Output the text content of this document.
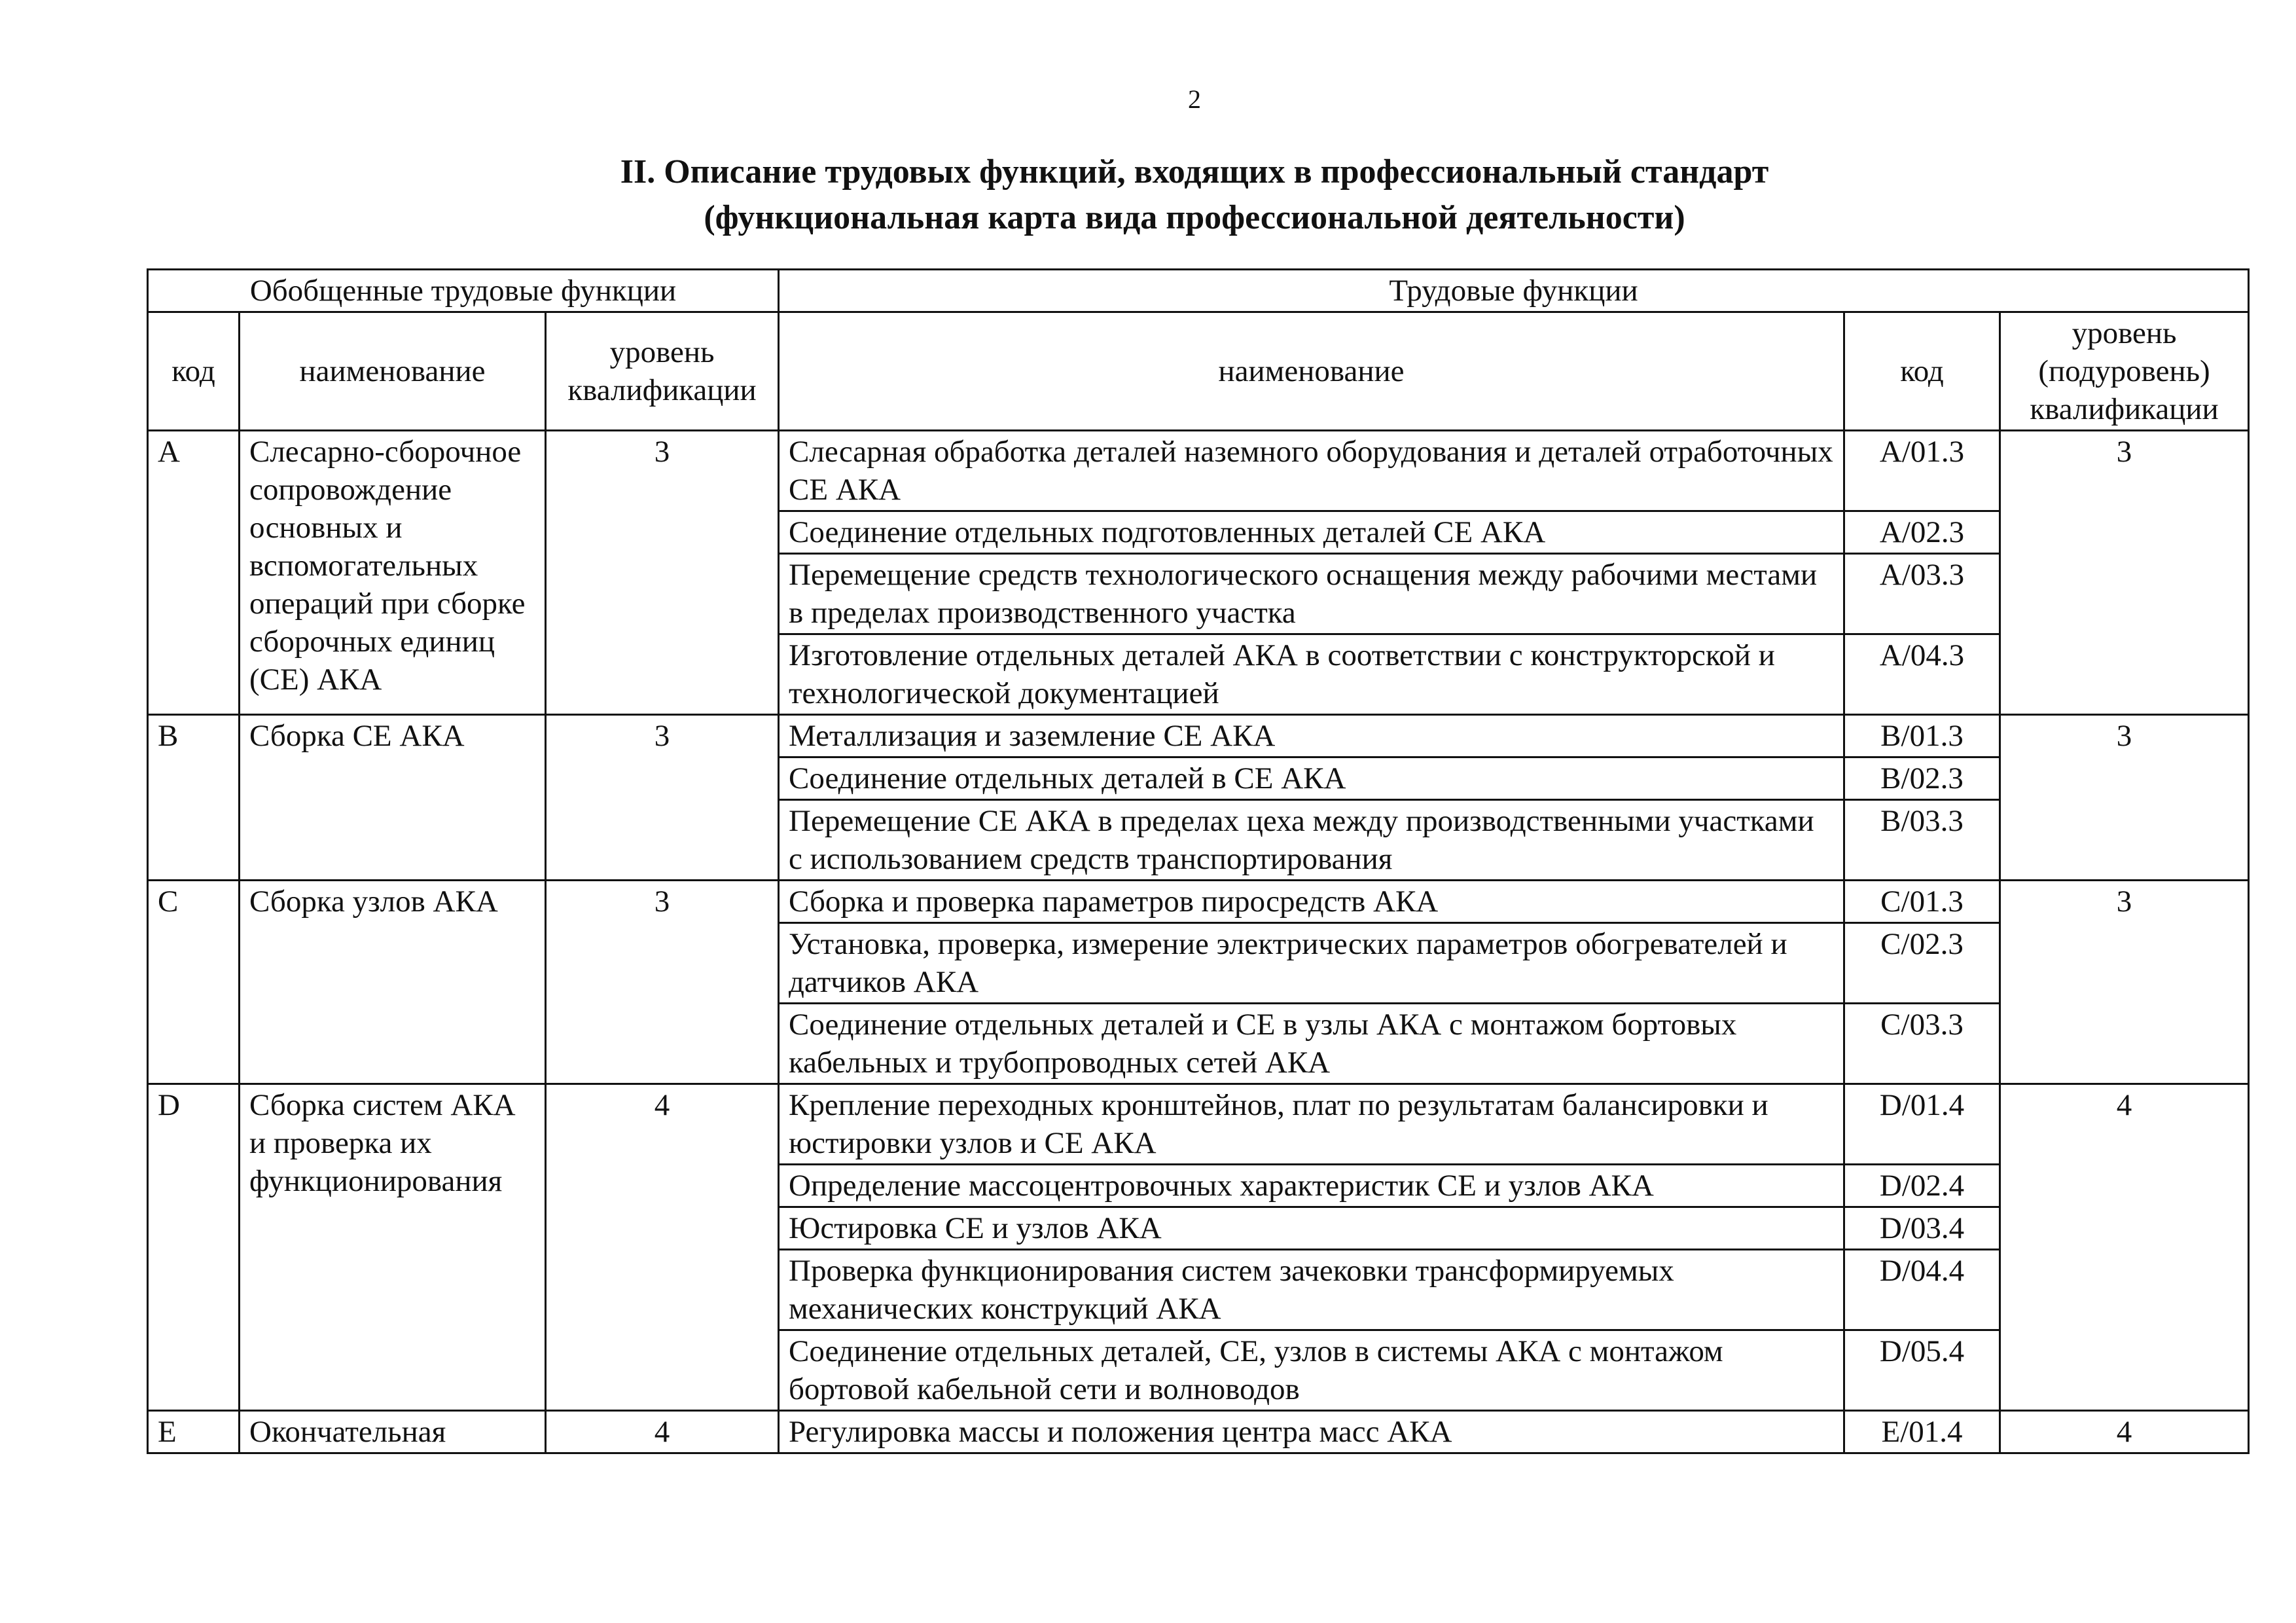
2
II. Описание трудовых функций, входящих в профессиональный стандарт
(функциональная карта вида профессиональной деятельности)
Обобщенные трудовые функции			Трудовые функции		
код	наименование	уровень квалификации	наименование	код	уровень (подуровень) квалификации
A	Слесарно-сборочное сопровождение основных и вспомогательных операций при сборке сборочных единиц (СЕ) АКА	3	Слесарная обработка деталей наземного оборудования и деталей отработочных СЕ АКА	A/01.3	3
			Соединение отдельных подготовленных деталей СЕ АКА	A/02.3	
			Перемещение средств технологического оснащения между рабочими местами в пределах производственного участка	A/03.3	
			Изготовление отдельных деталей АКА в соответствии с конструкторской и технологической документацией	A/04.3	
B	Сборка СЕ АКА	3	Металлизация и заземление СЕ АКА	B/01.3	3
			Соединение отдельных деталей в СЕ АКА	B/02.3	
			Перемещение СЕ АКА в пределах цеха между производственными участками с использованием средств транспортирования	B/03.3	
C	Сборка узлов АКА	3	Сборка и проверка параметров пиросредств АКА	C/01.3	3
			Установка, проверка, измерение электрических параметров обогревателей и датчиков АКА	C/02.3	
			Соединение отдельных деталей и СЕ в узлы АКА с монтажом бортовых кабельных и трубопроводных сетей АКА	C/03.3	
D	Сборка систем АКА и проверка их функционирования	4	Крепление переходных кронштейнов, плат по результатам балансировки и юстировки узлов и СЕ АКА	D/01.4	4
			Определение массоцентровочных характеристик СЕ и узлов АКА	D/02.4	
			Юстировка СЕ и узлов АКА	D/03.4	
			Проверка функционирования систем зачековки трансформируемых механических конструкций АКА	D/04.4	
			Соединение отдельных деталей, СЕ, узлов в системы АКА с монтажом бортовой кабельной сети и волноводов	D/05.4	
E	Окончательная	4	Регулировка массы и положения центра масс АКА	E/01.4	4
